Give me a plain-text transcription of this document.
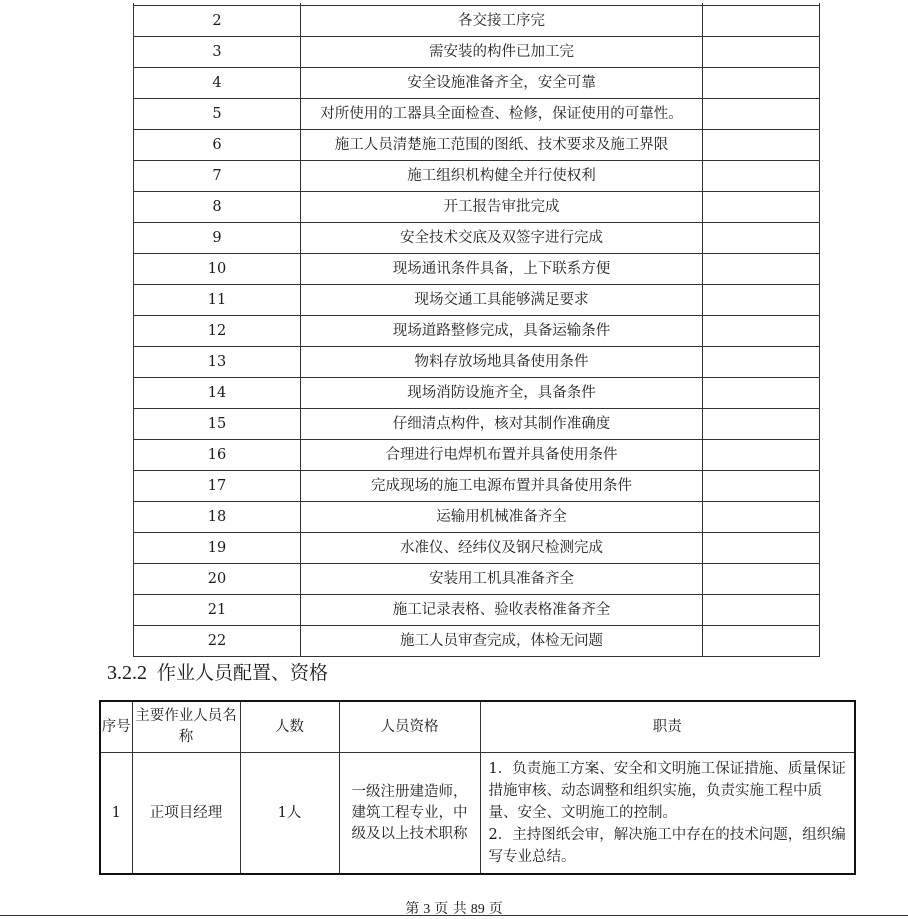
2	各交接工序完	
3	需安装的构件已加工完	
4	安全设施准备齐全，安全可靠	
5	对所使用的工器具全面检查、检修，保证使用的可靠性。	
6	施工人员清楚施工范围的图纸、技术要求及施工界限	
7	施工组织机构健全并行使权利	
8	开工报告审批完成	
9	安全技术交底及双签字进行完成	
10	现场通讯条件具备，上下联系方便	
11	现场交通工具能够满足要求	
12	现场道路整修完成，具备运输条件	
13	物料存放场地具备使用条件	
14	现场消防设施齐全，具备条件	
15	仔细清点构件，核对其制作准确度	
16	合理进行电焊机布置并具备使用条件	
17	完成现场的施工电源布置并具备使用条件	
18	运输用机械准备齐全	
19	水准仪、经纬仪及钢尺检测完成	
20	安装用工机具准备齐全	
21	施工记录表格、验收表格准备齐全	
22	施工人员审查完成，体检无问题	
3.2.2 作业人员配置、资格
序号	主要作业人员名称	人数	人员资格	职责
1	正项目经理	1人	一级注册建造师，建筑工程专业，中级及以上技术职称	1．负责施工方案、安全和文明施工保证措施、质量保证措施审核、动态调整和组织实施，负责实施工程中质量、安全、文明施工的控制。
2．主持图纸会审，解决施工中存在的技术问题，组织编写专业总结。
第 3 页 共 89 页
